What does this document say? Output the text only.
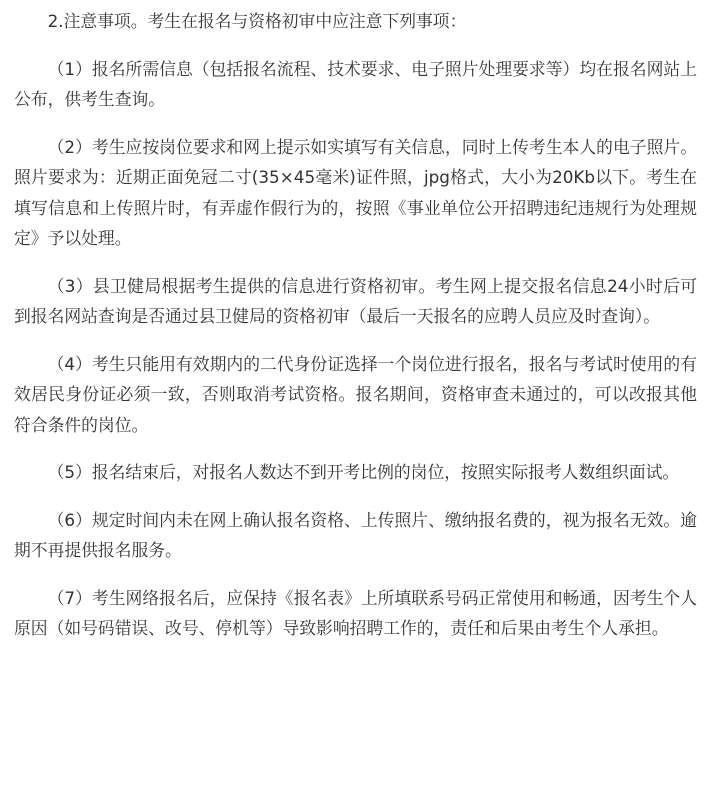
2.注意事项。考生在报名与资格初审中应注意下列事项：

（1）报名所需信息（包括报名流程、技术要求、电子照片处理要求等）均在报名网站上公布，供考生查询。

（2）考生应按岗位要求和网上提示如实填写有关信息，同时上传考生本人的电子照片。照片要求为：近期正面免冠二寸(35×45毫米)证件照，jpg格式，大小为20Kb以下。考生在填写信息和上传照片时，有弄虚作假行为的，按照《事业单位公开招聘违纪违规行为处理规定》予以处理。

（3）县卫健局根据考生提供的信息进行资格初审。考生网上提交报名信息24小时后可到报名网站查询是否通过县卫健局的资格初审（最后一天报名的应聘人员应及时查询）。

（4）考生只能用有效期内的二代身份证选择一个岗位进行报名，报名与考试时使用的有效居民身份证必须一致，否则取消考试资格。报名期间，资格审查未通过的，可以改报其他符合条件的岗位。

（5）报名结束后，对报名人数达不到开考比例的岗位，按照实际报考人数组织面试。

（6）规定时间内未在网上确认报名资格、上传照片、缴纳报名费的，视为报名无效。逾期不再提供报名服务。

（7）考生网络报名后，应保持《报名表》上所填联系号码正常使用和畅通，因考生个人原因（如号码错误、改号、停机等）导致影响招聘工作的，责任和后果由考生个人承担。
